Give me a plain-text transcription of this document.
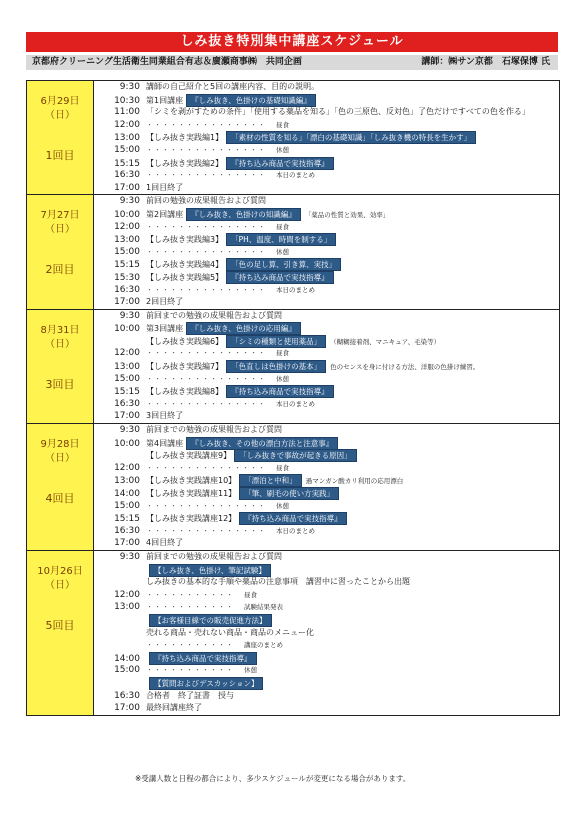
しみ抜き特別集中講座スケジュール
京都府クリーニング生活衛生同業組合有志＆廣瀬商事㈱　共同企画	講師：㈱サン京都　石塚保博 氏
6月29日
（日）
1回目
9:30 講師の自己紹介と5回の講座内容、目的の説明。
10:30 第1回講座 『しみ抜き、色掛けの基礎知識編』
11:00 「シミを剥がすための条件」「使用する薬品を知る」「色の三原色、反対色」了色だけですべての色を作る」
12:00 ・・・・・・・・・・・・・・・ 昼食
13:00 【しみ抜き実践編1】 「素材の性質を知る」「漂白の基礎知識」「しみ抜き機の特長を生かす」
15:00 ・・・・・・・・・・・・・・・ 休憩
15:15 【しみ抜き実践編2】 『持ち込み商品で実技指導』
16:30 ・・・・・・・・・・・・・・・ 本日のまとめ
17:00 1回目終了
7月27日
（日）
2回目
9:30 前回の勉強の成果報告および質問
10:00 第2回講座 『しみ抜き、色掛けの知識編』 「薬品の性質と効果、効率」
12:00 ・・・・・・・・・・・・・・・ 昼食
13:00 【しみ抜き実践編3】 「PH、温度、時間を制する」
15:00 ・・・・・・・・・・・・・・・ 休憩
15:15 【しみ抜き実践編4】 「色の足し算、引き算、実技」
15:30 【しみ抜き実践編5】 『持ち込み商品で実技指導』
16:30 ・・・・・・・・・・・・・・・ 本日のまとめ
17:00 2回目終了
8月31日
（日）
3回目
9:30 前回までの勉強の成果報告および質問
10:00 第3回講座 『しみ抜き、色掛けの応用編』
【しみ抜き実践編6】 「シミの種類と使用薬品」 （糊糊接着剤、マニキュア、毛染等）
12:00 ・・・・・・・・・・・・・・・ 昼食
13:00 【しみ抜き実践編7】 「色直しは色掛けの基本」 色のセンスを身に付ける方法、洋服の色掛け練習。
15:00 ・・・・・・・・・・・・・・・ 休憩
15:15 【しみ抜き実践編8】 『持ち込み商品で実技指導』
16:30 ・・・・・・・・・・・・・・・ 本日のまとめ
17:00 3回目終了
9月28日
（日）
4回目
9:30 前回までの勉強の成果報告および質問
10:00 第4回講座 『しみ抜き、その他の漂白方法と注意事』
【しみ抜き実践講座9】 「しみ抜きで事故が起きる原因」
12:00 ・・・・・・・・・・・・・・・ 昼食
13:00 【しみ抜き実践講座10】 「漂泊と中和」 過マンガン酸カリ利用の応用漂白
14:00 【しみ抜き実践講座11】 「筆、刷毛の使い方実践」
15:00 ・・・・・・・・・・・・・・・ 休憩
15:15 【しみ抜き実践講座12】 『持ち込み商品で実技指導』
16:30 ・・・・・・・・・・・・・・・ 本日のまとめ
17:00 4回目終了
10月26日
（日）
5回目
9:30 前回までの勉強の成果報告および質問
【しみ抜き、色掛け、筆記試験】
しみ抜きの基本的な手順や薬品の注意事項　講習中に習ったことから出題
12:00 ・・・・・・・・・・・ 昼食
13:00 ・・・・・・・・・・・ 試験結果発表
【お客様目線での販売促進方法】
売れる商品・売れない商品・商品のメニュー化
・・・・・・・・・・・ 講座のまとめ
14:00 『持ち込み商品で実技指導』
15:00 ・・・・・・・・・・・ 休憩
【質問およびデスカッション】
16:30 合格者　終了証書　授与
17:00 最終回講座終了
※受講人数と日程の都合により、多少スケジュールが変更になる場合があります。
